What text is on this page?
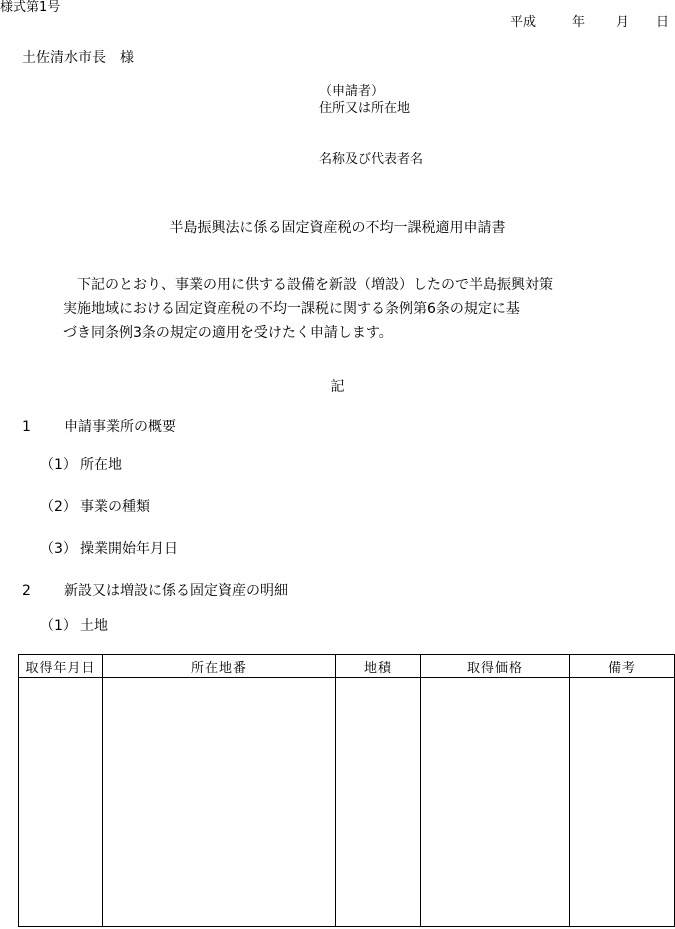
様式第1号
平成	年 月 日
土佐清水市長　様
（申請者）
住所又は所在地
名称及び代表者名
半島振興法に係る固定資産税の不均一課税適用申請書
下記のとおり、事業の用に供する設備を新設（増設）したので半島振興対策
実施地域における固定資産税の不均一課税に関する条例第6条の規定に基
づき同条例3条の規定の適用を受けたく申請します。
記
1 申請事業所の概要
（1） 所在地
（2） 事業の種類
（3） 操業開始年月日
2 新設又は増設に係る固定資産の明細
（1） 土地
取得年月日	所在地番	地積	取得価格	備考
